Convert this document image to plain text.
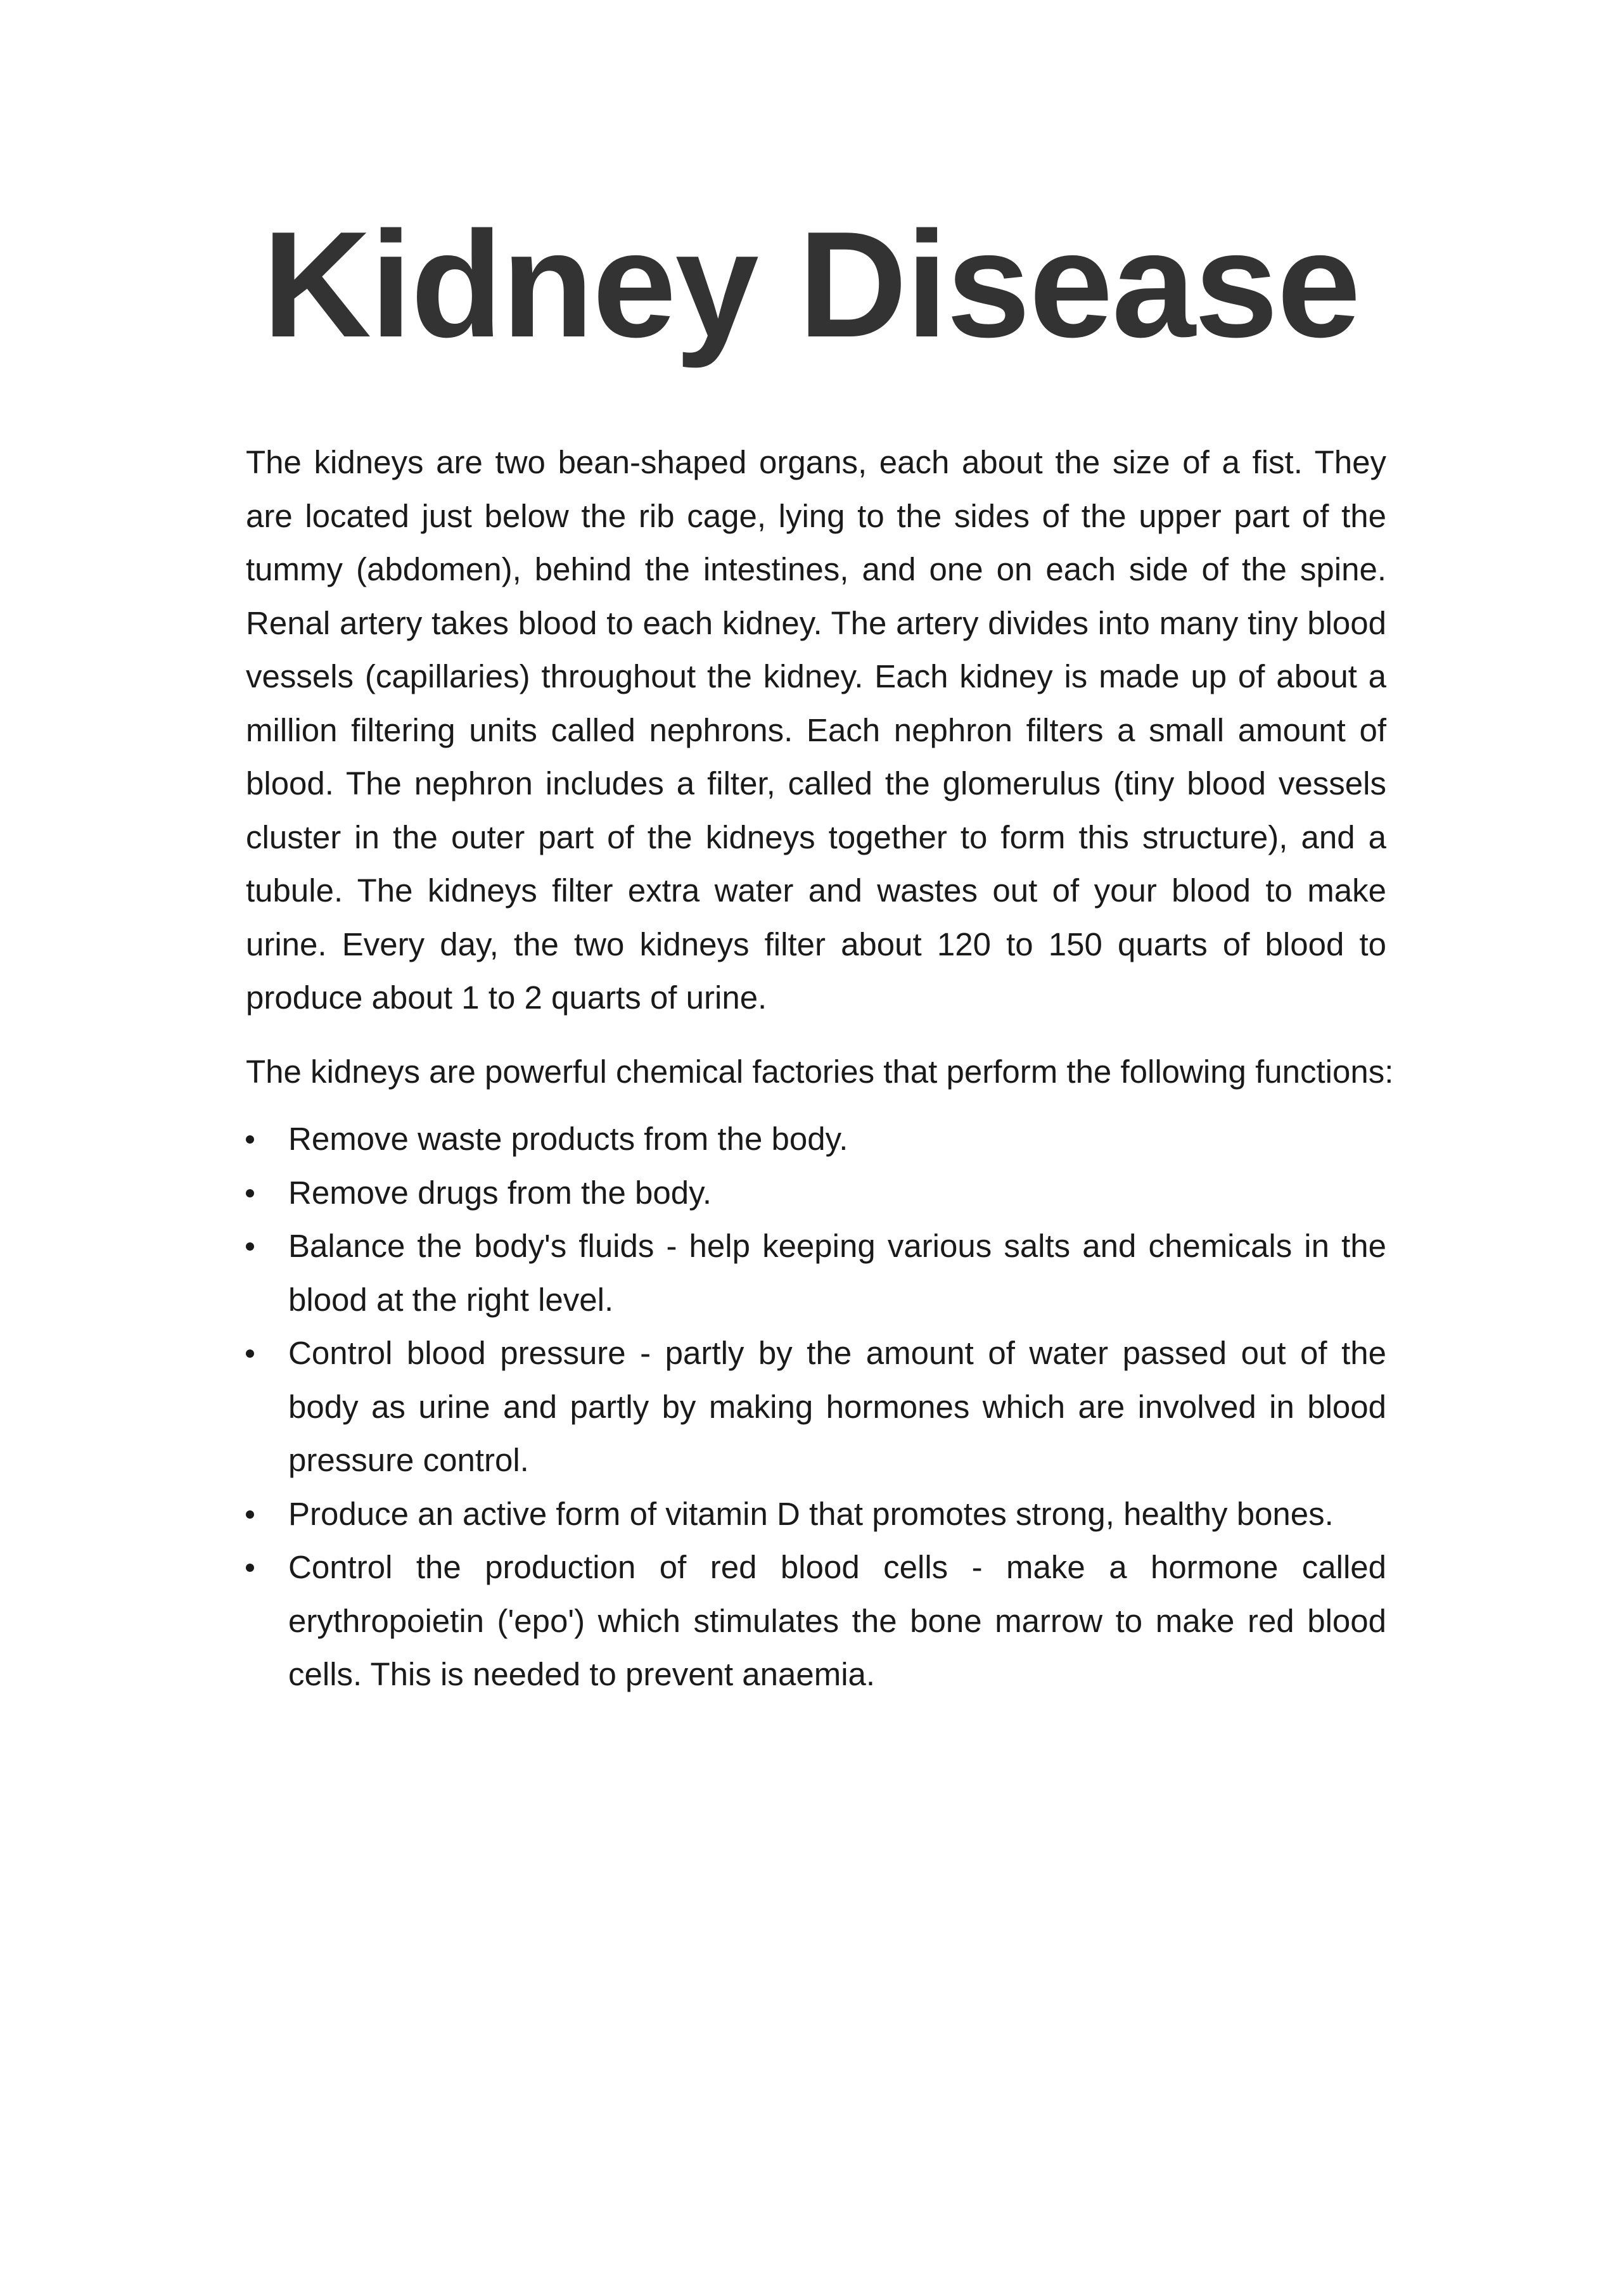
Kidney Disease

The kidneys are two bean-shaped organs, each about the size of a fist. They are located just below the rib cage, lying to the sides of the upper part of the tummy (abdomen), behind the intestines, and one on each side of the spine. Renal artery takes blood to each kidney. The artery divides into many tiny blood vessels (capillaries) throughout the kidney. Each kidney is made up of about a million filtering units called nephrons. Each nephron filters a small amount of blood. The nephron includes a filter, called the glomerulus (tiny blood vessels cluster in the outer part of the kidneys together to form this structure), and a tubule. The kidneys filter extra water and wastes out of your blood to make urine. Every day, the two kidneys filter about 120 to 150 quarts of blood to produce about 1 to 2 quarts of urine.

The kidneys are powerful chemical factories that perform the following functions:

Remove waste products from the body.
Remove drugs from the body.
Balance the body's fluids - help keeping various salts and chemicals in the blood at the right level.
Control blood pressure - partly by the amount of water passed out of the body as urine and partly by making hormones which are involved in blood pressure control.
Produce an active form of vitamin D that promotes strong, healthy bones.
Control the production of red blood cells - make a hormone called erythropoietin ('epo') which stimulates the bone marrow to make red blood cells. This is needed to prevent anaemia.
